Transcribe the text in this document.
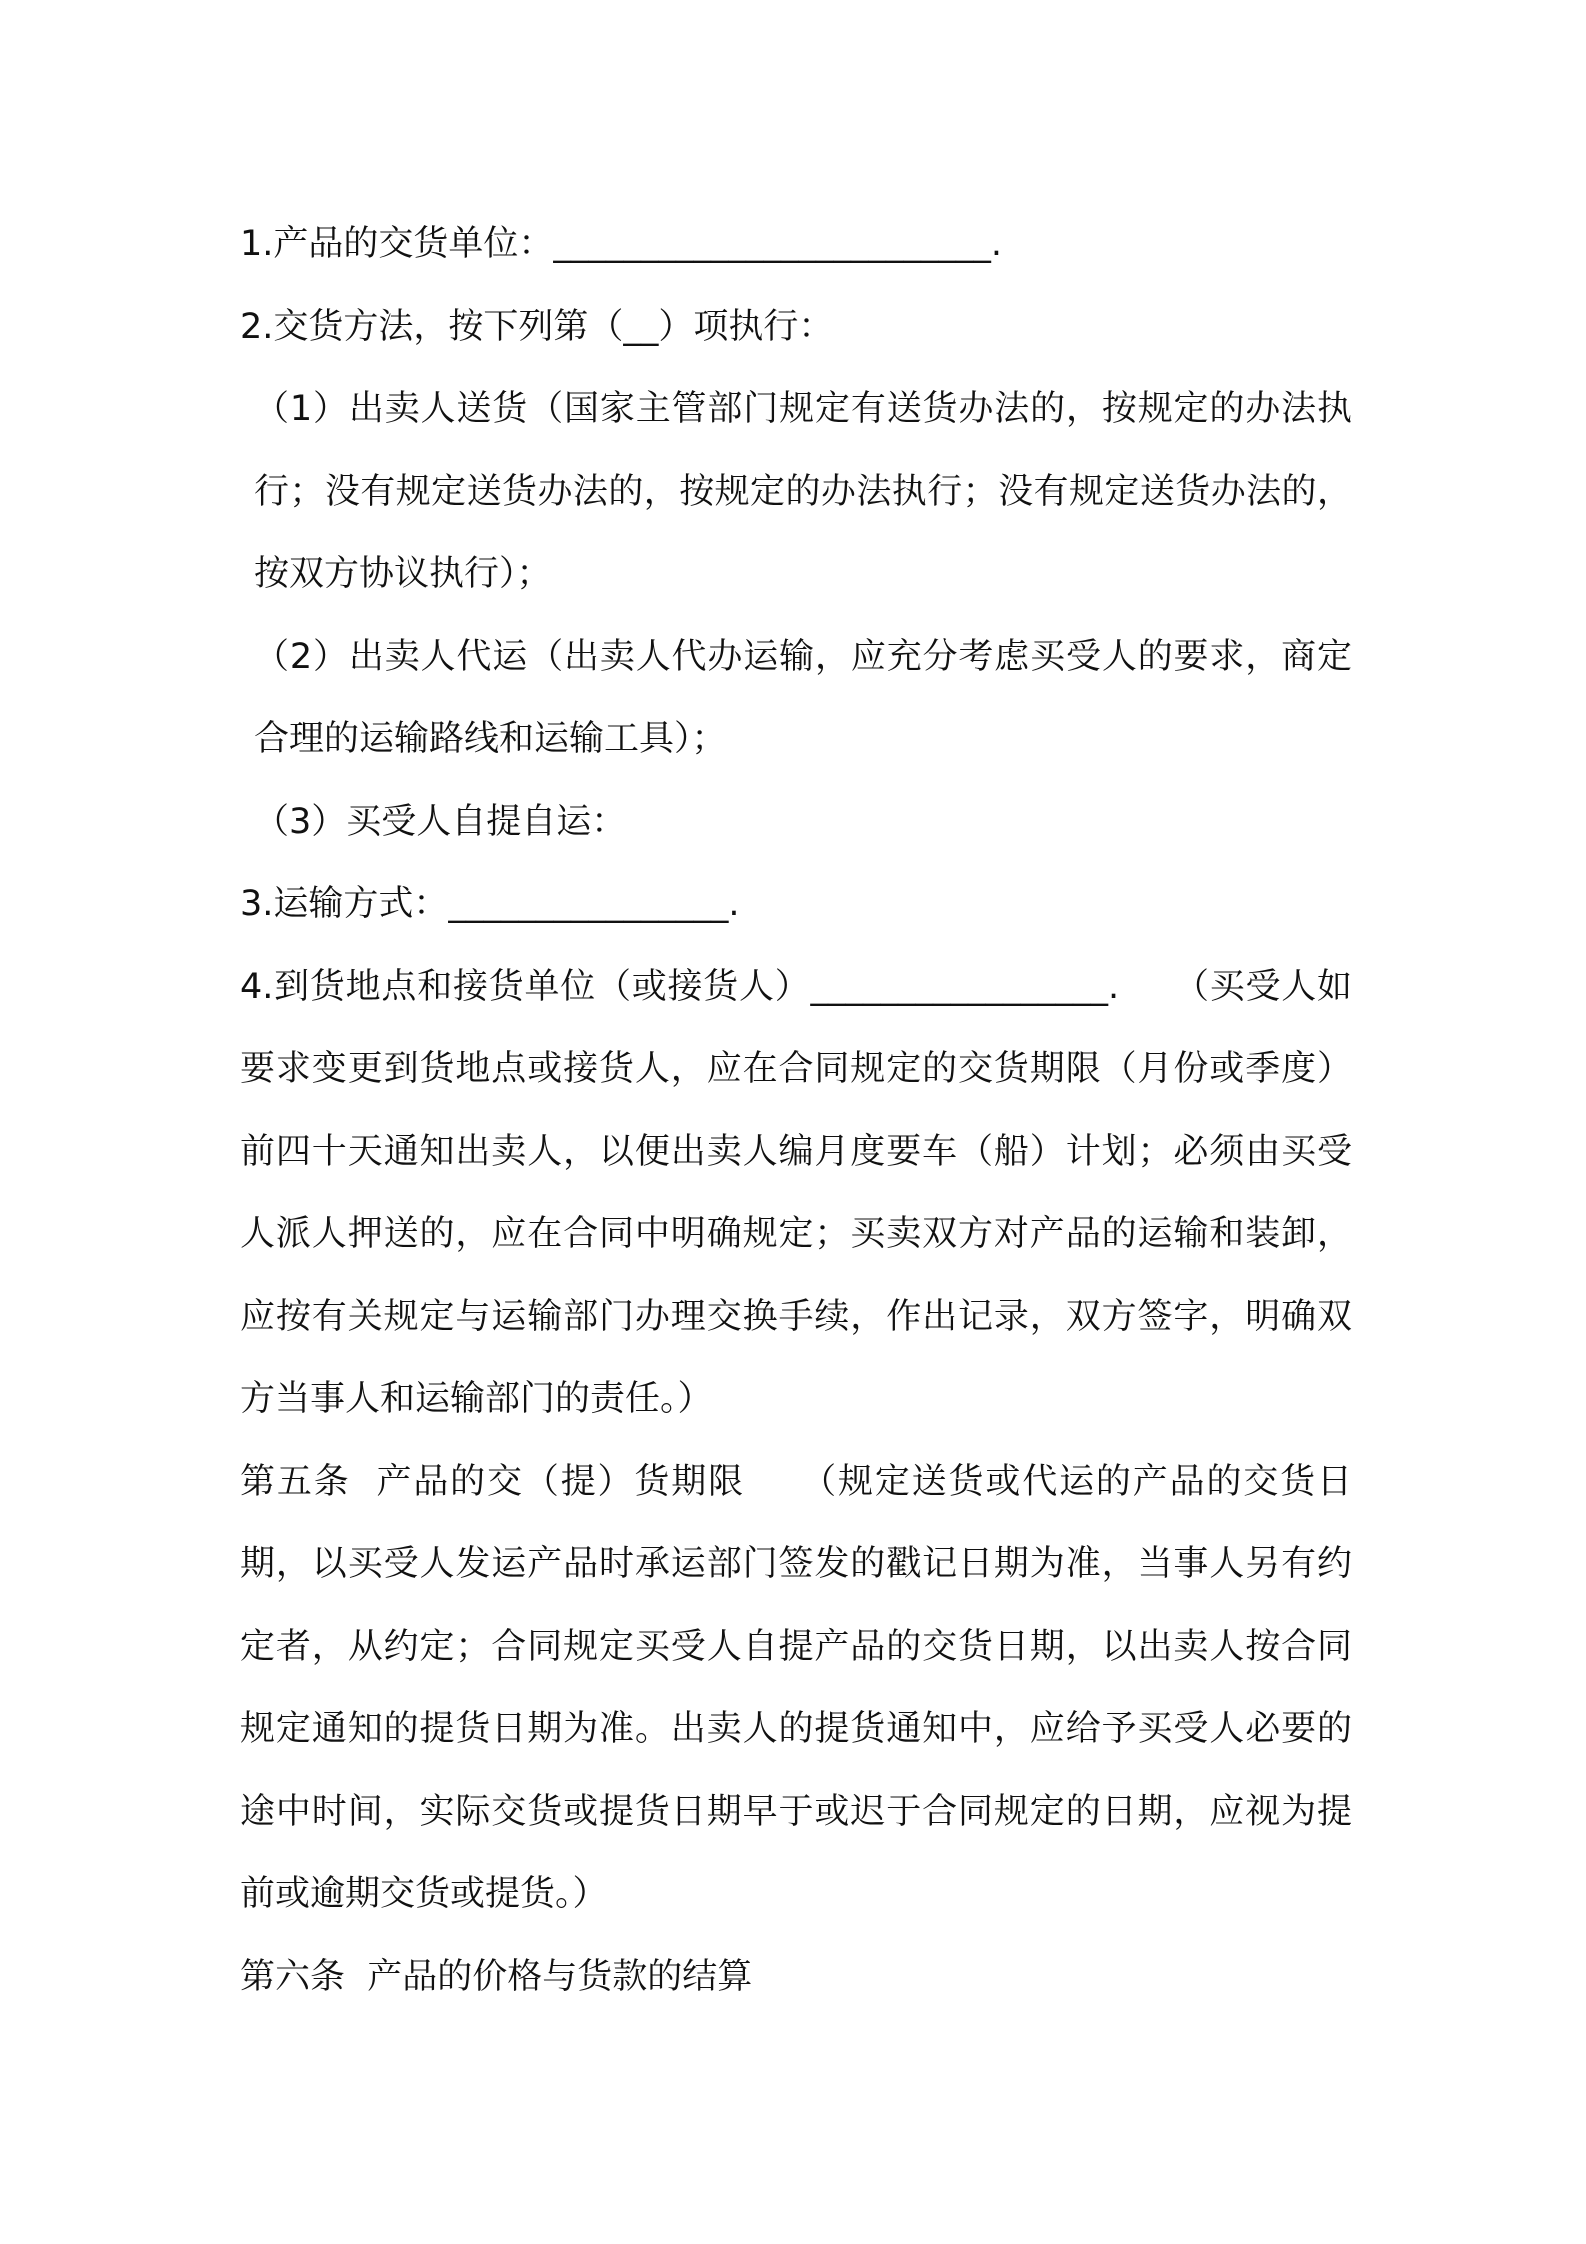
1.产品的交货单位：_________________________.

2.交货方法，按下列第（__）项执行：

（1）出卖人送货（国家主管部门规定有送货办法的，按规定的办法执行；没有规定送货办法的，按规定的办法执行；没有规定送货办法的，按双方协议执行）；

（2）出卖人代运（出卖人代办运输，应充分考虑买受人的要求，商定合理的运输路线和运输工具）；

（3）买受人自提自运：

3.运输方式：________________.

4.到货地点和接货单位（或接货人）_________________.　　（买受人如要求变更到货地点或接货人，应在合同规定的交货期限（月份或季度）前四十天通知出卖人，以便出卖人编月度要车（船）计划；必须由买受人派人押送的，应在合同中明确规定；买卖双方对产品的运输和装卸，应按有关规定与运输部门办理交换手续，作出记录，双方签字，明确双方当事人和运输部门的责任。）

第五条  产品的交（提）货期限　　（规定送货或代运的产品的交货日期，以买受人发运产品时承运部门签发的戳记日期为准，当事人另有约定者，从约定；合同规定买受人自提产品的交货日期，以出卖人按合同规定通知的提货日期为准。出卖人的提货通知中，应给予买受人必要的途中时间，实际交货或提货日期早于或迟于合同规定的日期，应视为提前或逾期交货或提货。）

第六条  产品的价格与货款的结算
